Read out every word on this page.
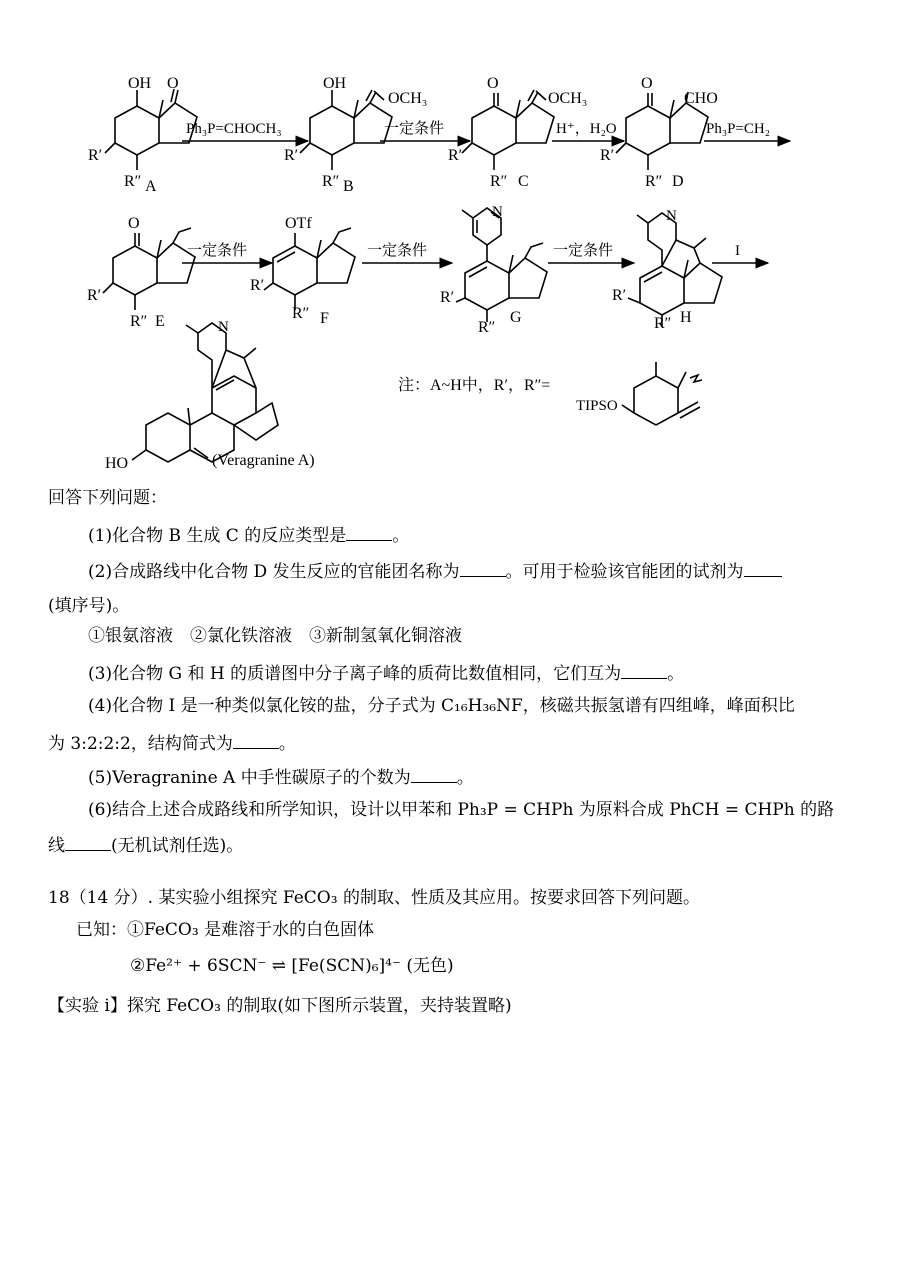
OH O
R′
R″ A
Ph₃P=CHOCH₃
OH
OCH₃
R′
R″ B
一定条件
O
OCH₃
R′
R″ C
H⁺，H₂O
O
CHO
R′
R″ D
Ph₃P=CH₂
O
R′
R″ E
一定条件
OTf
R′
R″ F
一定条件
N
R′
R″
G
一定条件
N
R′
R″ H
I
N
HO	(Veragranine A)
注：A~H中，R′，R″=
TIPSO
回答下列问题：
(1)化合物 B 生成 C 的反应类型是	。
(2)合成路线中化合物 D 发生反应的官能团名称为	。可用于检验该官能团的试剂为
(填序号)。
①银氨溶液　②氯化铁溶液　③新制氢氧化铜溶液
(3)化合物 G 和 H 的质谱图中分子离子峰的质荷比数值相同，它们互为	。
(4)化合物 I 是一种类似氯化铵的盐，分子式为 C₁₆H₃₆NF，核磁共振氢谱有四组峰，峰面积比
为 3:2:2:2，结构简式为	。
(5)Veragranine A 中手性碳原子的个数为	。
(6)结合上述合成路线和所学知识，设计以甲苯和 Ph₃P = CHPh 为原料合成 PhCH = CHPh 的路
线	(无机试剂任选)。
18（14 分）. 某实验小组探究 FeCO₃ 的制取、性质及其应用。按要求回答下列问题。
已知：①FeCO₃ 是难溶于水的白色固体
②Fe²⁺ + 6SCN⁻ ⇌ [Fe(SCN)₆]⁴⁻ (无色)
【实验 i】探究 FeCO₃ 的制取(如下图所示装置，夹持装置略)
